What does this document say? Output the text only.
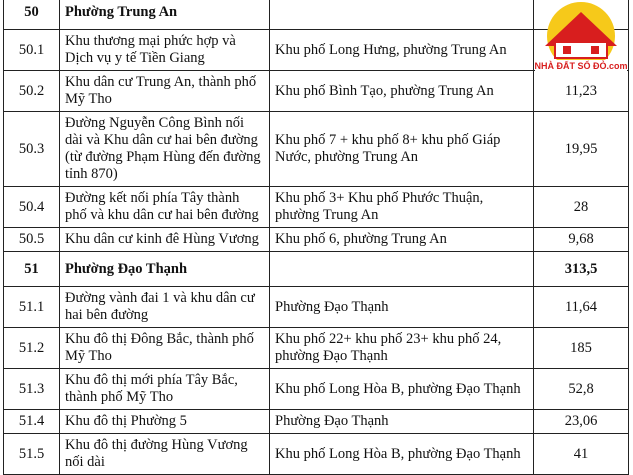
50	Phường Trung An		
50.1	Khu thương mại phức hợp và Dịch vụ y tế Tiền Giang	Khu phố Long Hưng, phường Trung An	
50.2	Khu dân cư Trung An, thành phố Mỹ Tho	Khu phố Bình Tạo, phường Trung An	11,23
50.3	Đường Nguyễn Công Bình nối dài và Khu dân cư hai bên đường (từ đường Phạm Hùng đến đường tỉnh 870)	Khu phố 7 + khu phố 8+ khu phố Giáp Nước, phường Trung An	19,95
50.4	Đường kết nối phía Tây thành phố và khu dân cư hai bên đường	Khu phố 3+ Khu phố Phước Thuận, phường Trung An	28
50.5	Khu dân cư kinh đê Hùng Vương	Khu phố 6, phường Trung An	9,68
51	Phường Đạo Thạnh		313,5
51.1	Đường vành đai 1 và khu dân cư hai bên đường	Phường Đạo Thạnh	11,64
51.2	Khu đô thị Đông Bắc, thành phố Mỹ Tho	Khu phố 22+ khu phố 23+ khu phố 24, phường Đạo Thạnh	185
51.3	Khu đô thị mới phía Tây Bắc, thành phố Mỹ Tho	Khu phố Long Hòa B, phường Đạo Thạnh	52,8
51.4	Khu đô thị Phường 5	Phường Đạo Thạnh	23,06
51.5	Khu đô thị đường Hùng Vương nối dài	Khu phố Long Hòa B, phường Đạo Thạnh	41
NHÀ ĐẤT SỔ ĐỎ.com
